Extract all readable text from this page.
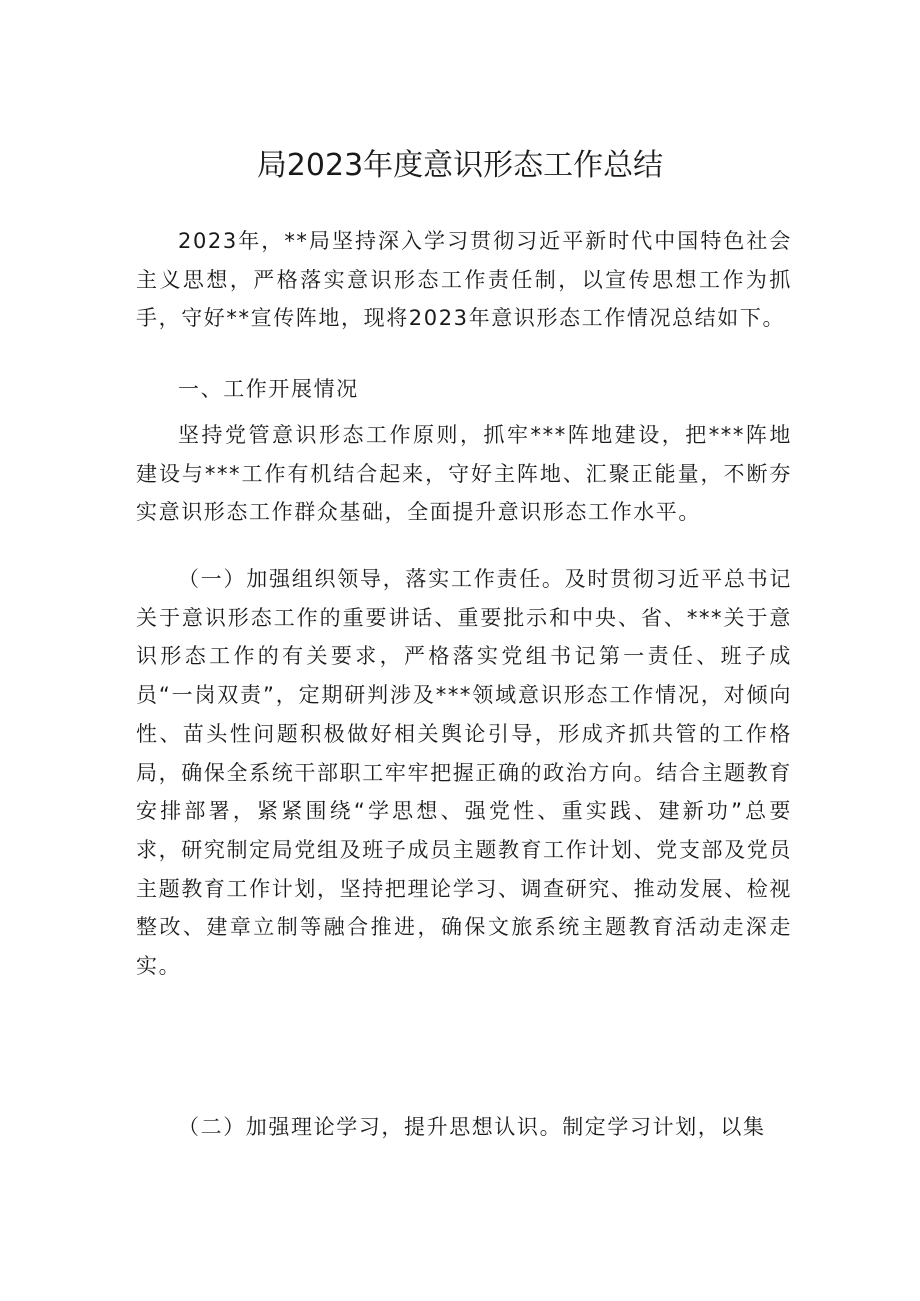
局2023年度意识形态工作总结

2023年，**局坚持深入学习贯彻习近平新时代中国特色社会主义思想，严格落实意识形态工作责任制，以宣传思想工作为抓手，守好**宣传阵地，现将2023年意识形态工作情况总结如下。

一、工作开展情况

坚持党管意识形态工作原则，抓牢***阵地建设，把***阵地建设与***工作有机结合起来，守好主阵地、汇聚正能量，不断夯实意识形态工作群众基础，全面提升意识形态工作水平。

（一）加强组织领导，落实工作责任。及时贯彻习近平总书记关于意识形态工作的重要讲话、重要批示和中央、省、***关于意识形态工作的有关要求，严格落实党组书记第一责任、班子成员“一岗双责”，定期研判涉及***领域意识形态工作情况，对倾向性、苗头性问题积极做好相关舆论引导，形成齐抓共管的工作格局，确保全系统干部职工牢牢把握正确的政治方向。结合主题教育安排部署，紧紧围绕“学思想、强党性、重实践、建新功”总要求，研究制定局党组及班子成员主题教育工作计划、党支部及党员主题教育工作计划，坚持把理论学习、调查研究、推动发展、检视整改、建章立制等融合推进，确保文旅系统主题教育活动走深走实。

（二）加强理论学习，提升思想认识。制定学习计划，以集
